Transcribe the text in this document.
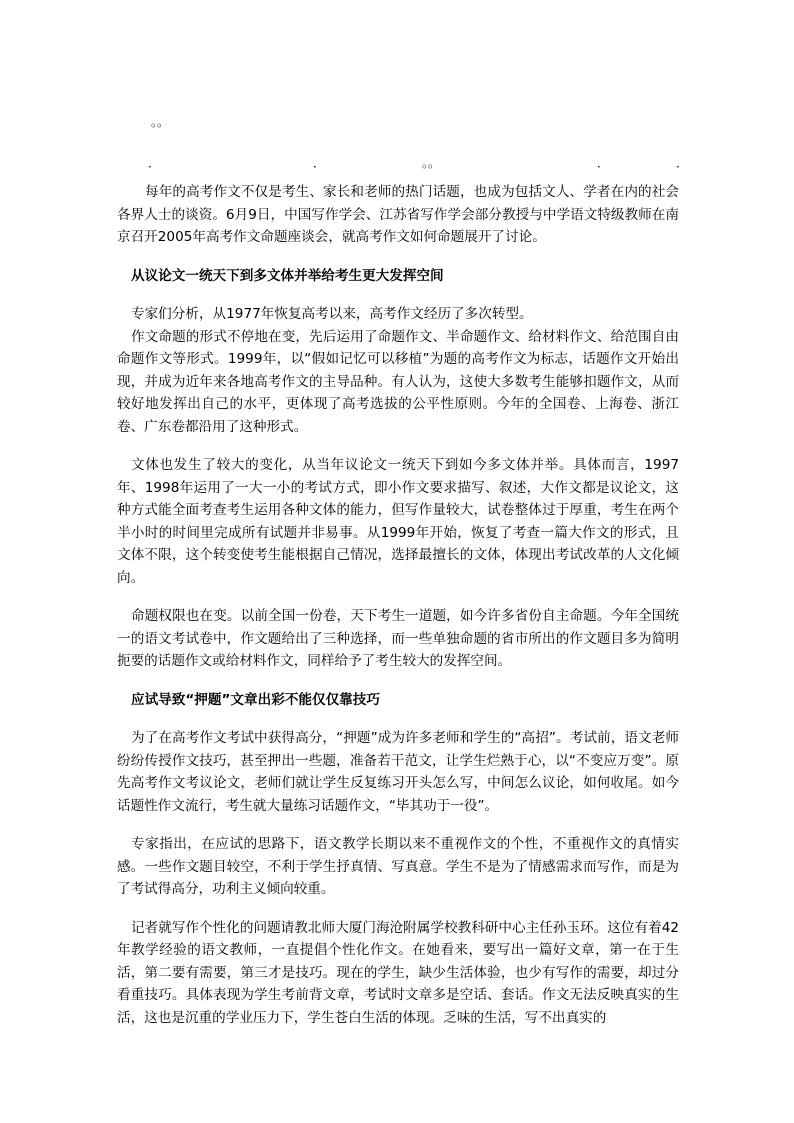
。。
．	．	。。	．	．

每年的高考作文不仅是考生、家长和老师的热门话题，也成为包括文人、学者在内的社会各界人士的谈资。6月9日，中国写作学会、江苏省写作学会部分教授与中学语文特级教师在南京召开2005年高考作文命题座谈会，就高考作文如何命题展开了讨论。

从议论文一统天下到多文体并举给考生更大发挥空间

专家们分析，从1977年恢复高考以来，高考作文经历了多次转型。

作文命题的形式不停地在变，先后运用了命题作文、半命题作文、给材料作文、给范围自由命题作文等形式。1999年，以“假如记忆可以移植”为题的高考作文为标志，话题作文开始出现，并成为近年来各地高考作文的主导品种。有人认为，这使大多数考生能够扣题作文，从而较好地发挥出自己的水平，更体现了高考选拔的公平性原则。今年的全国卷、上海卷、浙江卷、广东卷都沿用了这种形式。

文体也发生了较大的变化，从当年议论文一统天下到如今多文体并举。具体而言，1997年、1998年运用了一大一小的考试方式，即小作文要求描写、叙述，大作文都是议论文，这种方式能全面考查考生运用各种文体的能力，但写作量较大，试卷整体过于厚重，考生在两个半小时的时间里完成所有试题并非易事。从1999年开始，恢复了考查一篇大作文的形式，且文体不限，这个转变使考生能根据自己情况，选择最擅长的文体，体现出考试改革的人文化倾向。

命题权限也在变。以前全国一份卷，天下考生一道题，如今许多省份自主命题。今年全国统一的语文考试卷中，作文题给出了三种选择，而一些单独命题的省市所出的作文题目多为简明扼要的话题作文或给材料作文，同样给予了考生较大的发挥空间。

应试导致“押题”文章出彩不能仅仅靠技巧

为了在高考作文考试中获得高分，“押题”成为许多老师和学生的“高招”。考试前，语文老师纷纷传授作文技巧，甚至押出一些题，准备若干范文，让学生烂熟于心，以“不变应万变”。原先高考作文考议论文，老师们就让学生反复练习开头怎么写，中间怎么议论，如何收尾。如今话题性作文流行，考生就大量练习话题作文，“毕其功于一役”。

专家指出，在应试的思路下，语文教学长期以来不重视作文的个性，不重视作文的真情实感。一些作文题目较空，不利于学生抒真情、写真意。学生不是为了情感需求而写作，而是为了考试得高分，功利主义倾向较重。

记者就写作个性化的问题请教北师大厦门海沧附属学校教科研中心主任孙玉环。这位有着42年教学经验的语文教师，一直提倡个性化作文。在她看来，要写出一篇好文章，第一在于生活，第二要有需要，第三才是技巧。现在的学生，缺少生活体验，也少有写作的需要，却过分看重技巧。具体表现为学生考前背文章，考试时文章多是空话、套话。作文无法反映真实的生活，这也是沉重的学业压力下，学生苍白生活的体现。乏味的生活，写不出真实的
